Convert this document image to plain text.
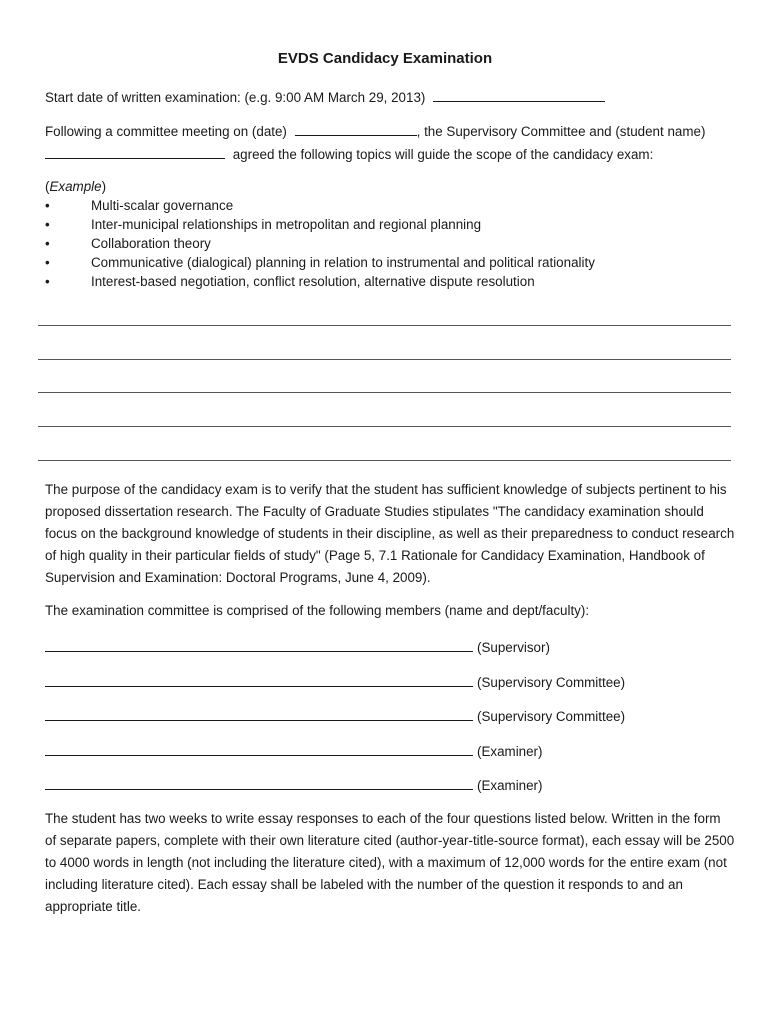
EVDS Candidacy Examination
Start date of written examination: (e.g. 9:00 AM March 29, 2013)
Following a committee meeting on (date)	, the Supervisory Committee and (student name)
agreed the following topics will guide the scope of the candidacy exam:
(Example)
•	Multi-scalar governance
•	Inter-municipal relationships in metropolitan and regional planning
•	Collaboration theory
•	Communicative (dialogical) planning in relation to instrumental and political rationality
•	Interest-based negotiation, conflict resolution, alternative dispute resolution
The purpose of the candidacy exam is to verify that the student has sufficient knowledge of subjects pertinent to his proposed dissertation research. The Faculty of Graduate Studies stipulates "The candidacy examination should focus on the background knowledge of students in their discipline, as well as their preparedness to conduct research of high quality in their particular fields of study" (Page 5, 7.1 Rationale for Candidacy Examination, Handbook of Supervision and Examination: Doctoral Programs, June 4, 2009).
The examination committee is comprised of the following members (name and dept/faculty):
(Supervisor)
(Supervisory Committee)
(Supervisory Committee)
(Examiner)
(Examiner)
The student has two weeks to write essay responses to each of the four questions listed below. Written in the form of separate papers, complete with their own literature cited (author-year-title-source format), each essay will be 2500 to 4000 words in length (not including the literature cited), with a maximum of 12,000 words for the entire exam (not including literature cited). Each essay shall be labeled with the number of the question it responds to and an appropriate title.
